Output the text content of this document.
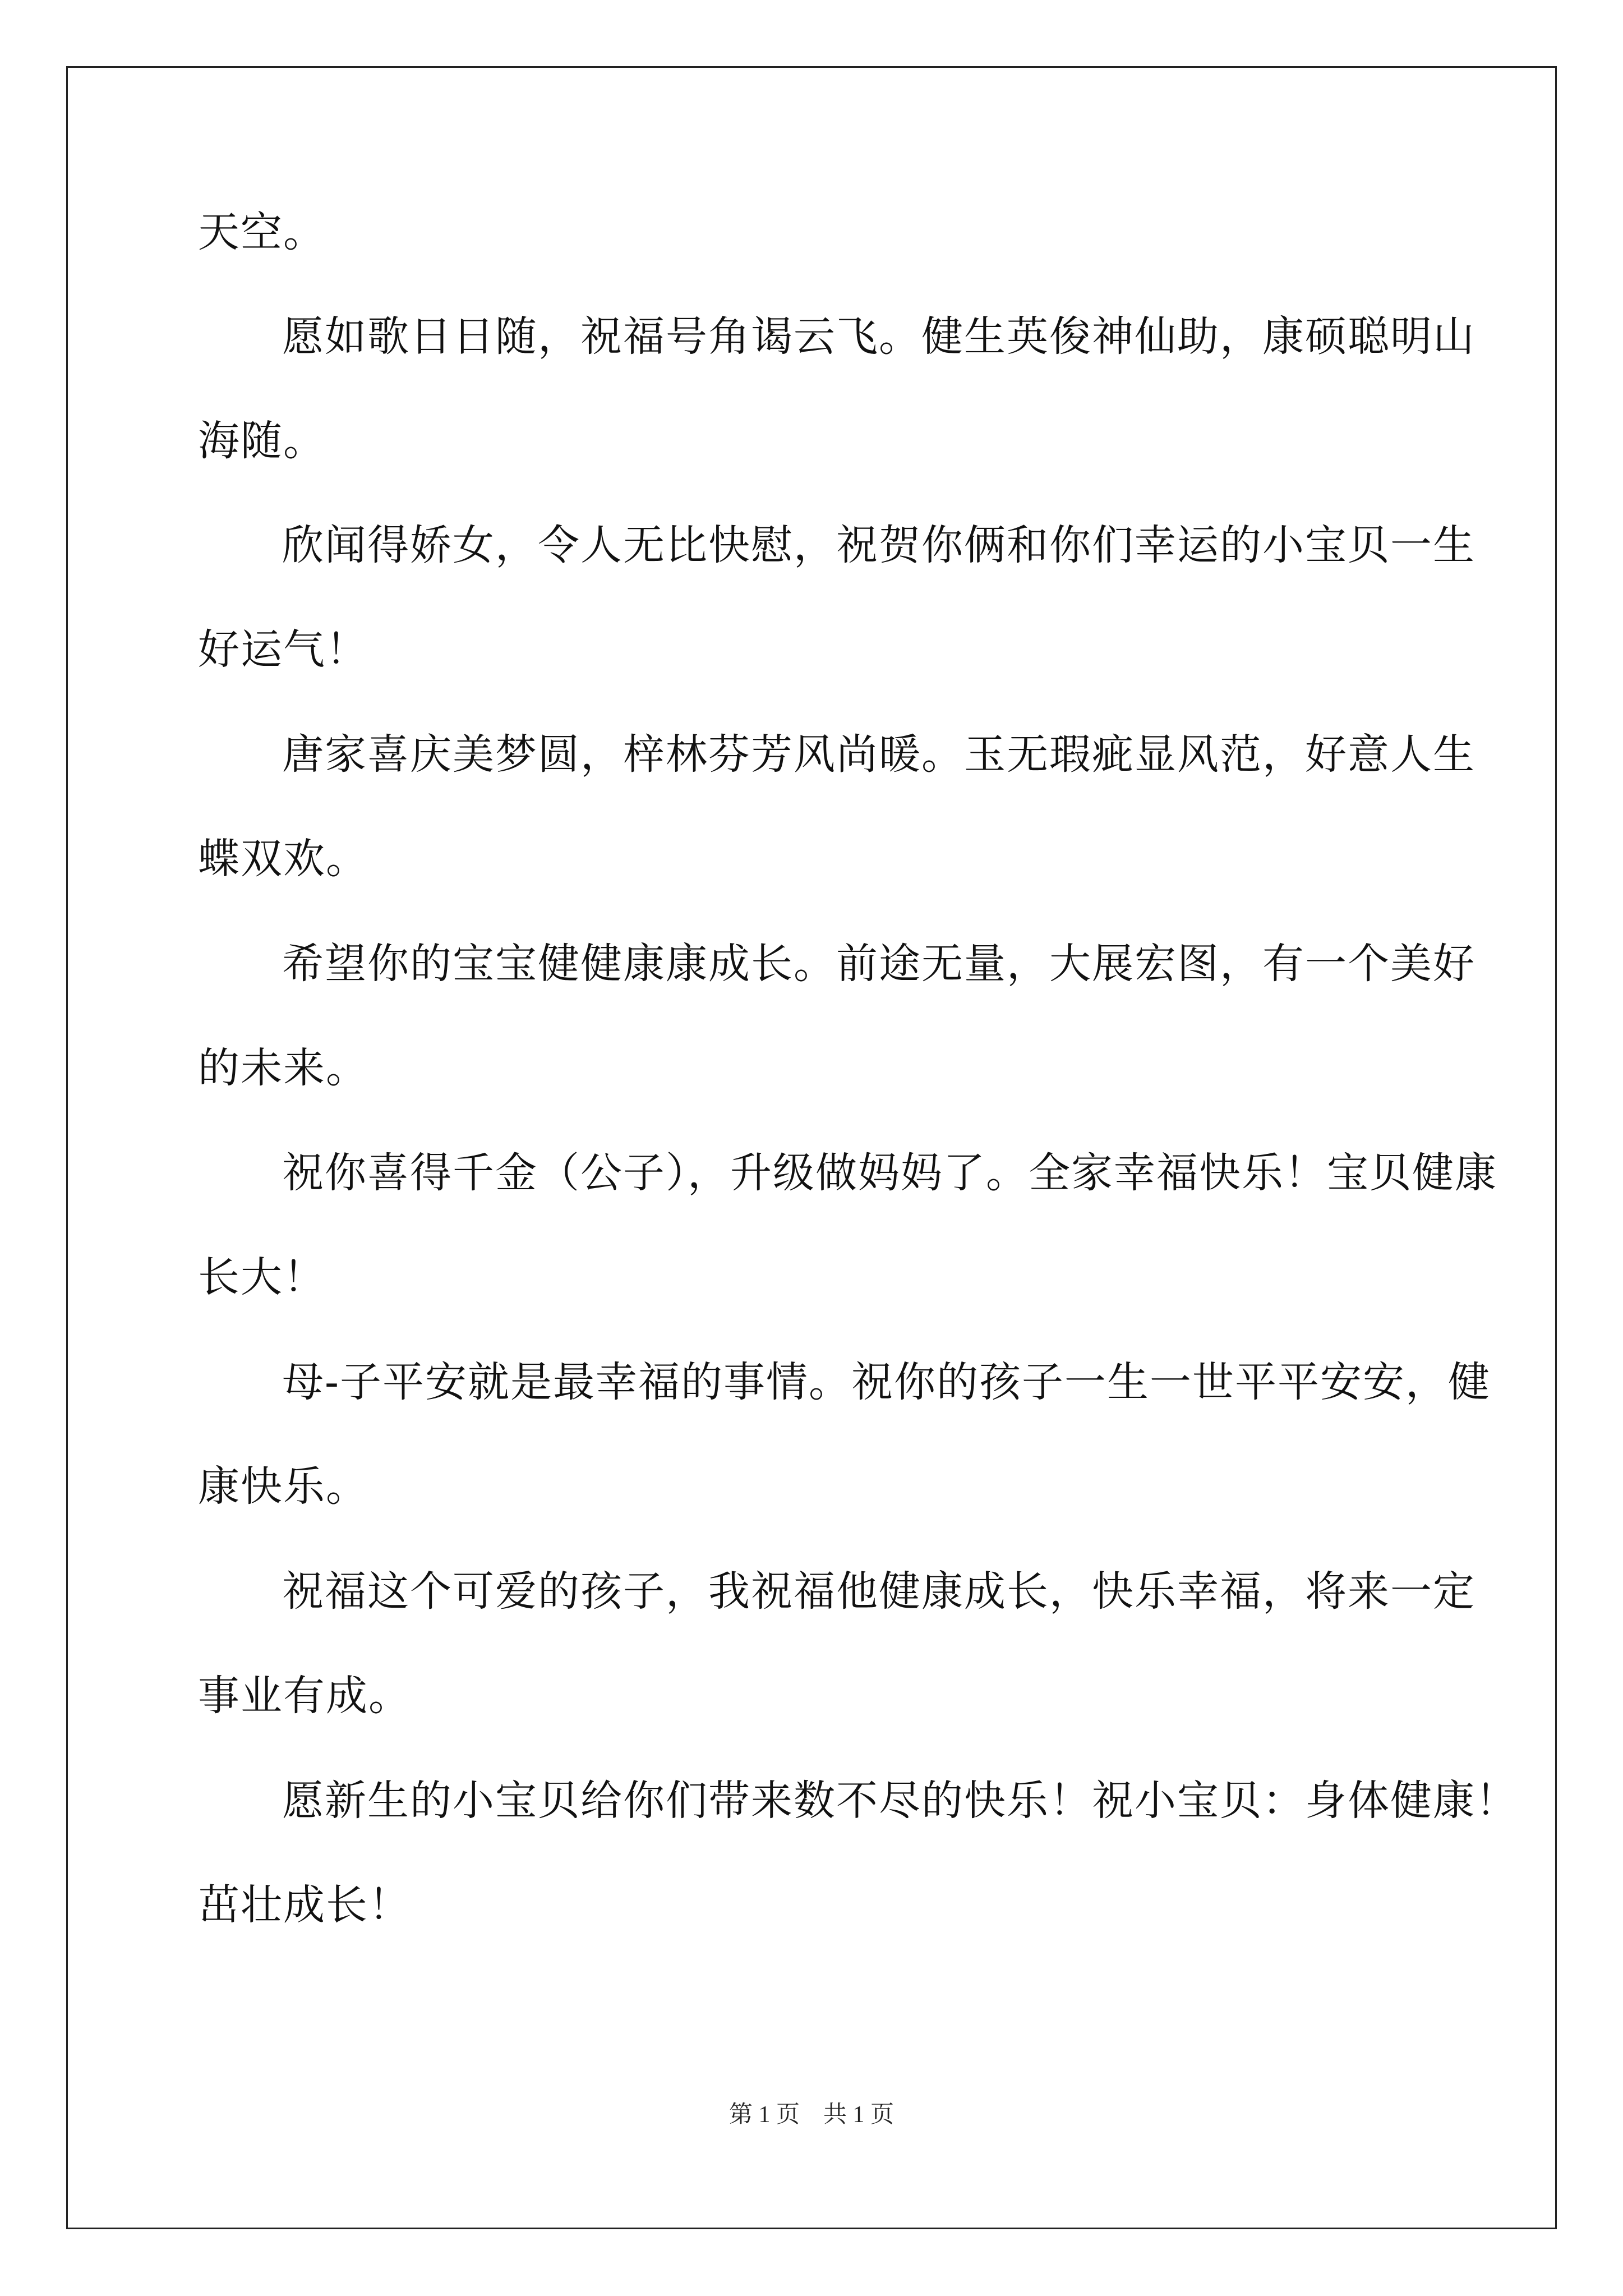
天空。
愿如歌日日随，祝福号角谒云飞。健生英俊神仙助，康硕聪明山
海随。
欣闻得娇女，令人无比快慰，祝贺你俩和你们幸运的小宝贝一生
好运气！
唐家喜庆美梦圆，梓林芬芳风尚暖。玉无瑕疵显风范，好意人生
蝶双欢。
希望你的宝宝健健康康成长。前途无量，大展宏图，有一个美好
的未来。
祝你喜得千金（公子），升级做妈妈了。全家幸福快乐！宝贝健康
长大！
母-子平安就是最幸福的事情。祝你的孩子一生一世平平安安，健
康快乐。
祝福这个可爱的孩子，我祝福他健康成长，快乐幸福，将来一定
事业有成。
愿新生的小宝贝给你们带来数不尽的快乐！祝小宝贝：身体健康！
茁壮成长！
第 1 页　共 1 页
